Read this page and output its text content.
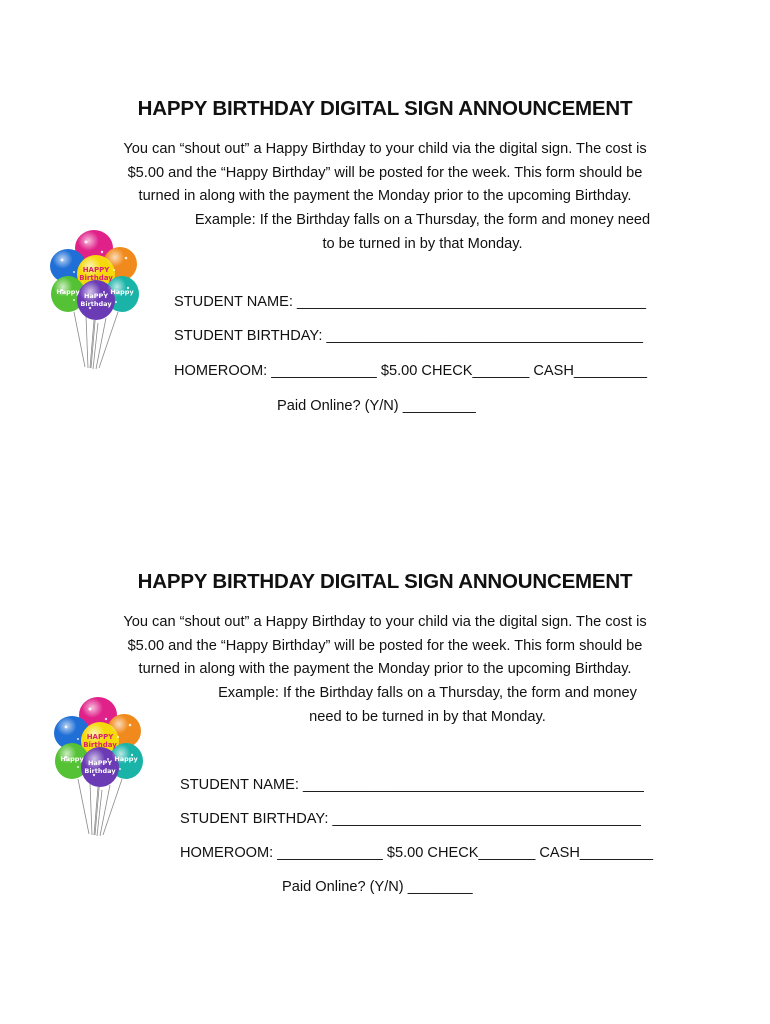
HAPPY BIRTHDAY DIGITAL SIGN ANNOUNCEMENT

You can “shout out” a Happy Birthday to your child via the digital sign. The cost is
$5.00 and the “Happy Birthday” will be posted for the week. This form should be
turned in along with the payment the Monday prior to the upcoming Birthday.

Example: If the Birthday falls on a Thursday, the form and money need
to be turned in by that Monday.

HAPPY
Birthday
HaPPY
Birthday
Happy	Happy

STUDENT NAME: ___________________________________________

STUDENT BIRTHDAY: _______________________________________

HOMEROOM: _____________ $5.00 CHECK_______ CASH_________

Paid Online? (Y/N) _________

HAPPY BIRTHDAY DIGITAL SIGN ANNOUNCEMENT

You can “shout out” a Happy Birthday to your child via the digital sign. The cost is
$5.00 and the “Happy Birthday” will be posted for the week. This form should be
turned in along with the payment the Monday prior to the upcoming Birthday.

Example: If the Birthday falls on a Thursday, the form and money
need to be turned in by that Monday.

HAPPY
Birthday
HaPPY
Birthday
Happy	Happy

STUDENT NAME: __________________________________________

STUDENT BIRTHDAY: ______________________________________

HOMEROOM: _____________ $5.00 CHECK_______ CASH_________

Paid Online? (Y/N) ________
